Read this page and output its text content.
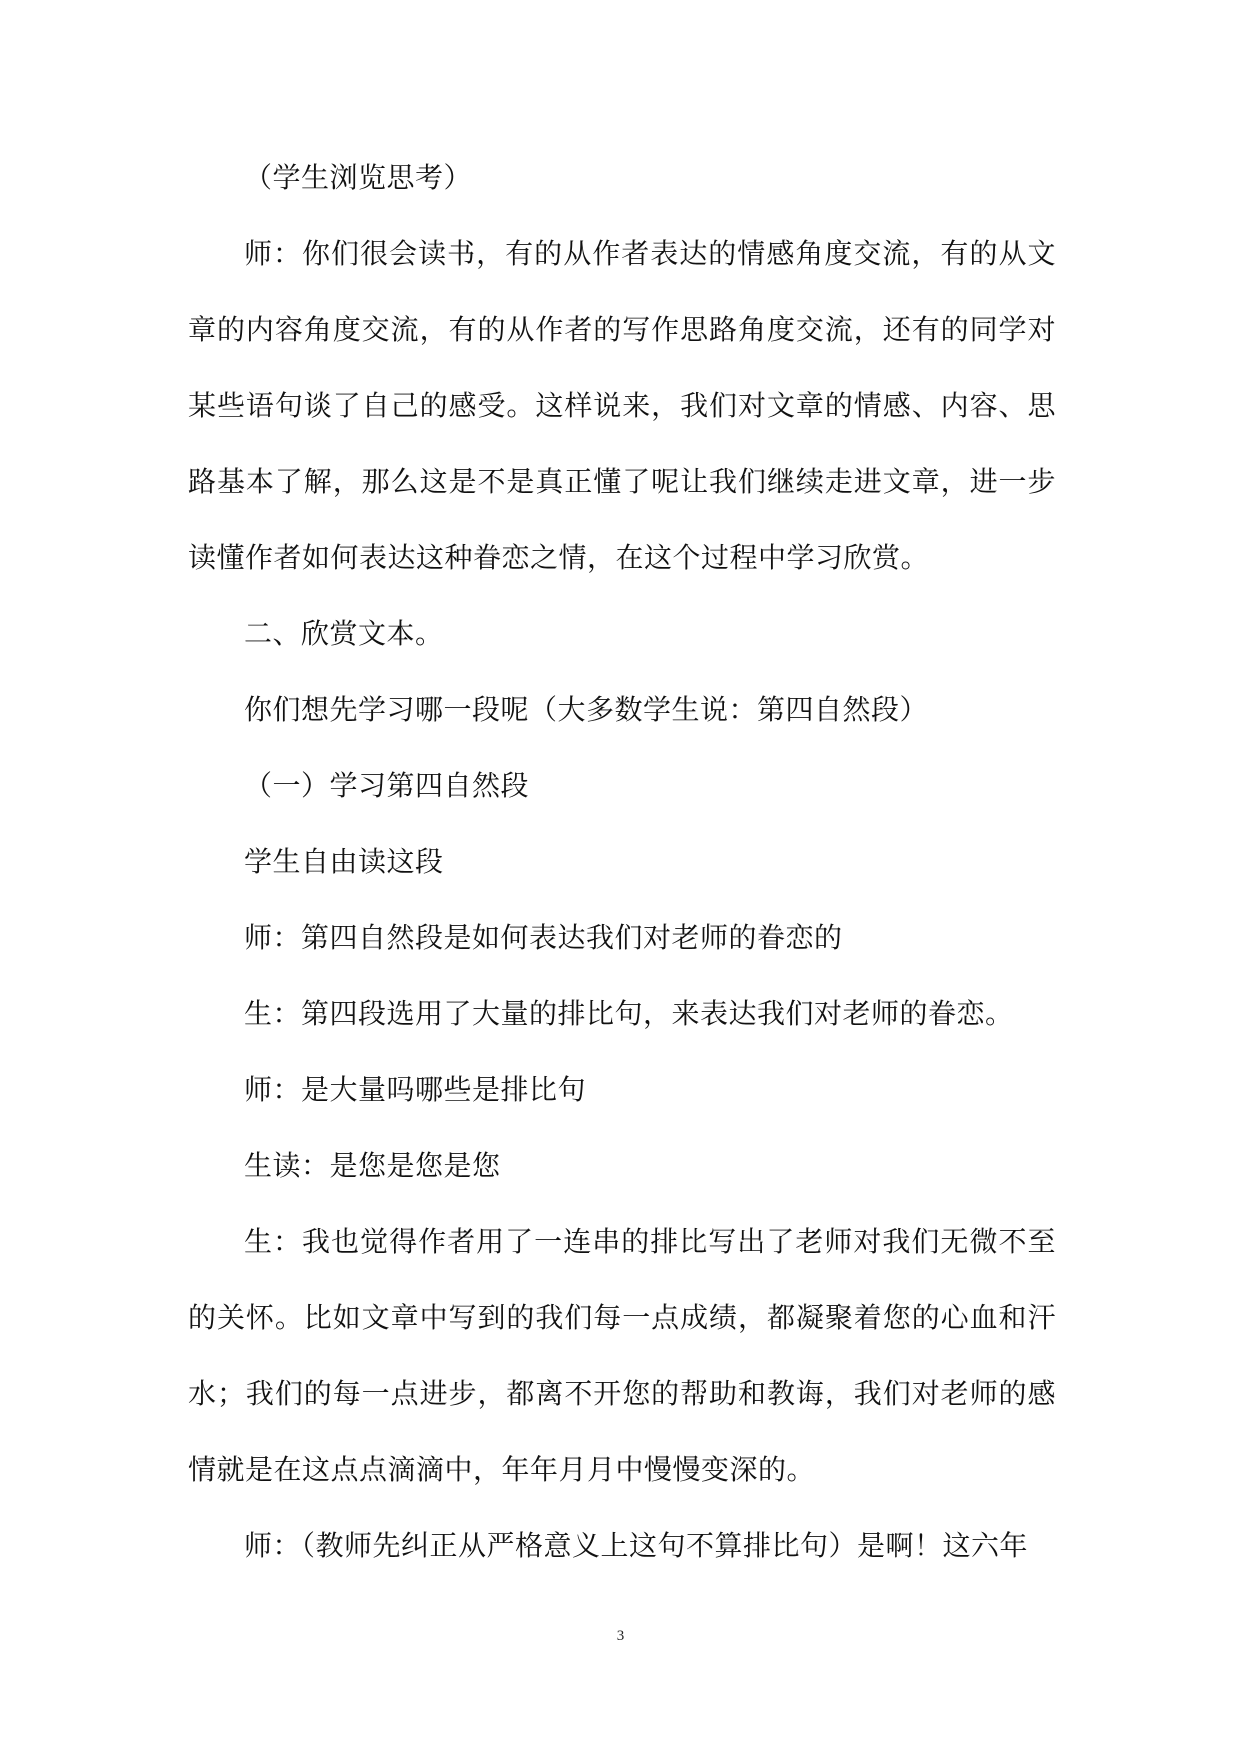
（学生浏览思考）

师：你们很会读书，有的从作者表达的情感角度交流，有的从文章的内容角度交流，有的从作者的写作思路角度交流，还有的同学对某些语句谈了自己的感受。这样说来，我们对文章的情感、内容、思路基本了解，那么这是不是真正懂了呢让我们继续走进文章，进一步读懂作者如何表达这种眷恋之情，在这个过程中学习欣赏。

二、欣赏文本。

你们想先学习哪一段呢（大多数学生说：第四自然段）

（一）学习第四自然段

学生自由读这段

师：第四自然段是如何表达我们对老师的眷恋的

生：第四段选用了大量的排比句，来表达我们对老师的眷恋。

师：是大量吗哪些是排比句

生读：是您是您是您

生：我也觉得作者用了一连串的排比写出了老师对我们无微不至的关怀。比如文章中写到的我们每一点成绩，都凝聚着您的心血和汗水；我们的每一点进步，都离不开您的帮助和教诲，我们对老师的感情就是在这点点滴滴中，年年月月中慢慢变深的。

师：（教师先纠正从严格意义上这句不算排比句）是啊！这六年

3
